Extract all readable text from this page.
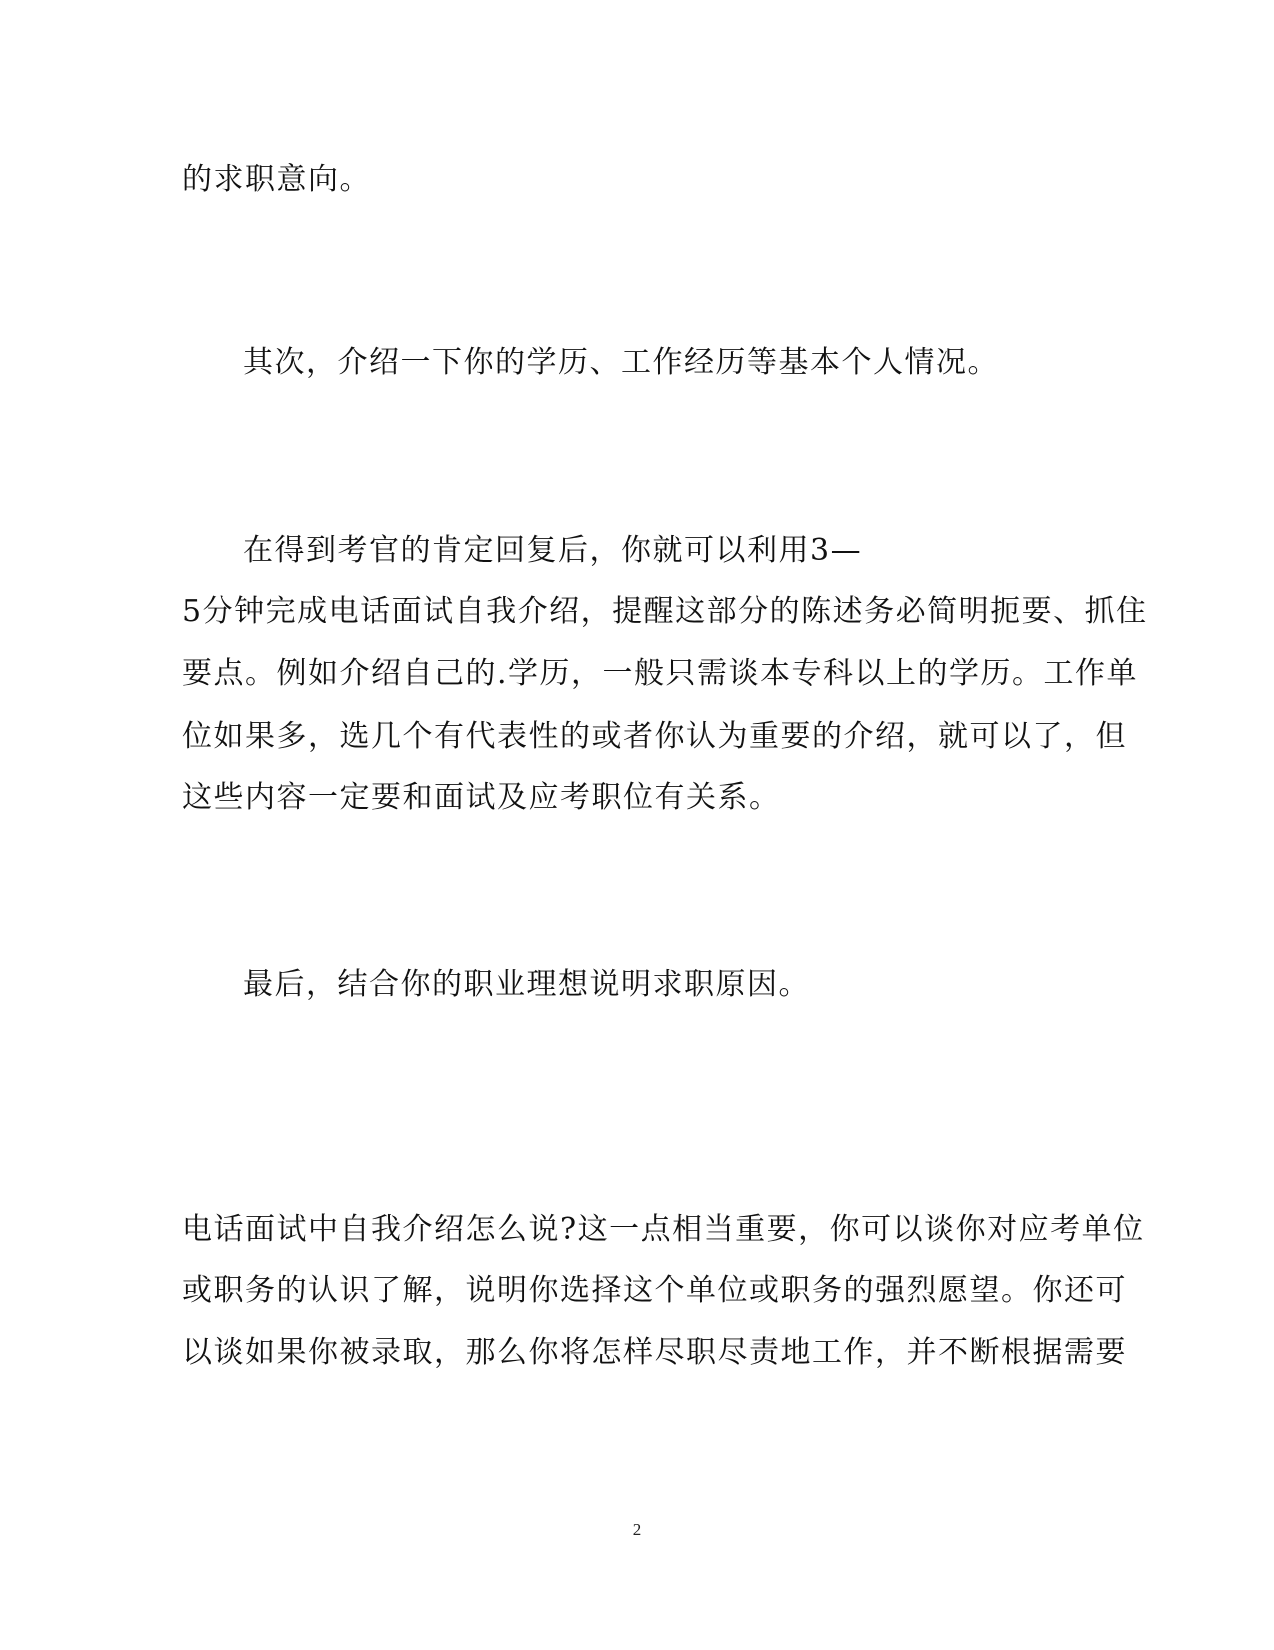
的求职意向。
其次，介绍一下你的学历、工作经历等基本个人情况。
在得到考官的肯定回复后，你就可以利用3—
5分钟完成电话面试自我介绍，提醒这部分的陈述务必简明扼要、抓住
要点。例如介绍自己的.学历，一般只需谈本专科以上的学历。工作单
位如果多，选几个有代表性的或者你认为重要的介绍，就可以了，但
这些内容一定要和面试及应考职位有关系。
最后，结合你的职业理想说明求职原因。
电话面试中自我介绍怎么说?这一点相当重要，你可以谈你对应考单位
或职务的认识了解，说明你选择这个单位或职务的强烈愿望。你还可
以谈如果你被录取，那么你将怎样尽职尽责地工作，并不断根据需要
2
